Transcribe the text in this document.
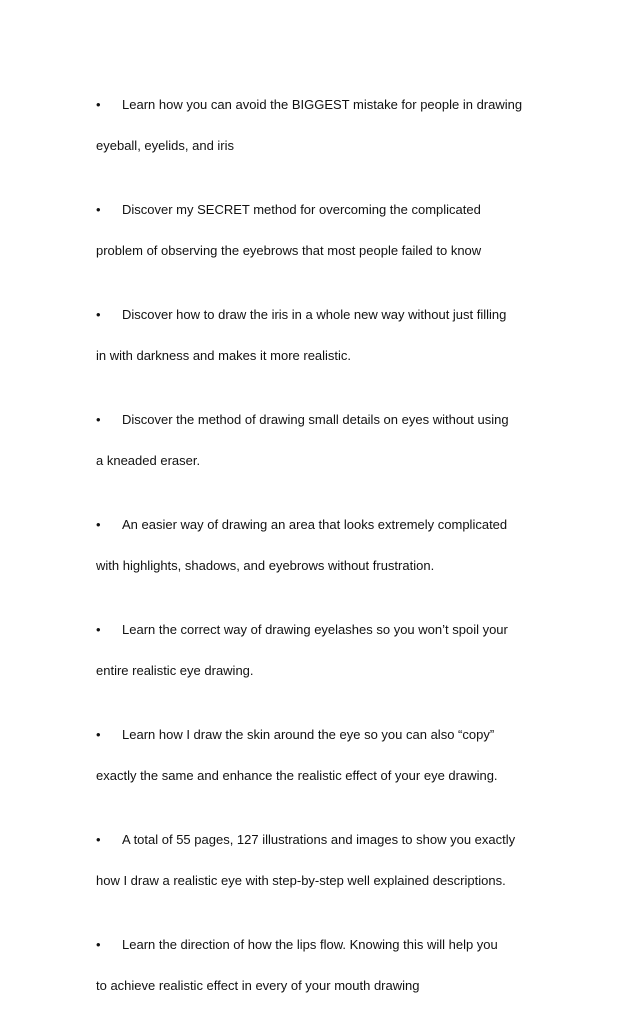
• Learn how you can avoid the BIGGEST mistake for people in drawing
eyeball, eyelids, and iris
• Discover my SECRET method for overcoming the complicated
problem of observing the eyebrows that most people failed to know
• Discover how to draw the iris in a whole new way without just filling
in with darkness and makes it more realistic.
• Discover the method of drawing small details on eyes without using
a kneaded eraser.
• An easier way of drawing an area that looks extremely complicated
with highlights, shadows, and eyebrows without frustration.
• Learn the correct way of drawing eyelashes so you won’t spoil your
entire realistic eye drawing.
• Learn how I draw the skin around the eye so you can also “copy”
exactly the same and enhance the realistic effect of your eye drawing.
• A total of 55 pages, 127 illustrations and images to show you exactly
how I draw a realistic eye with step-by-step well explained descriptions.
• Learn the direction of how the lips flow. Knowing this will help you
to achieve realistic effect in every of your mouth drawing
